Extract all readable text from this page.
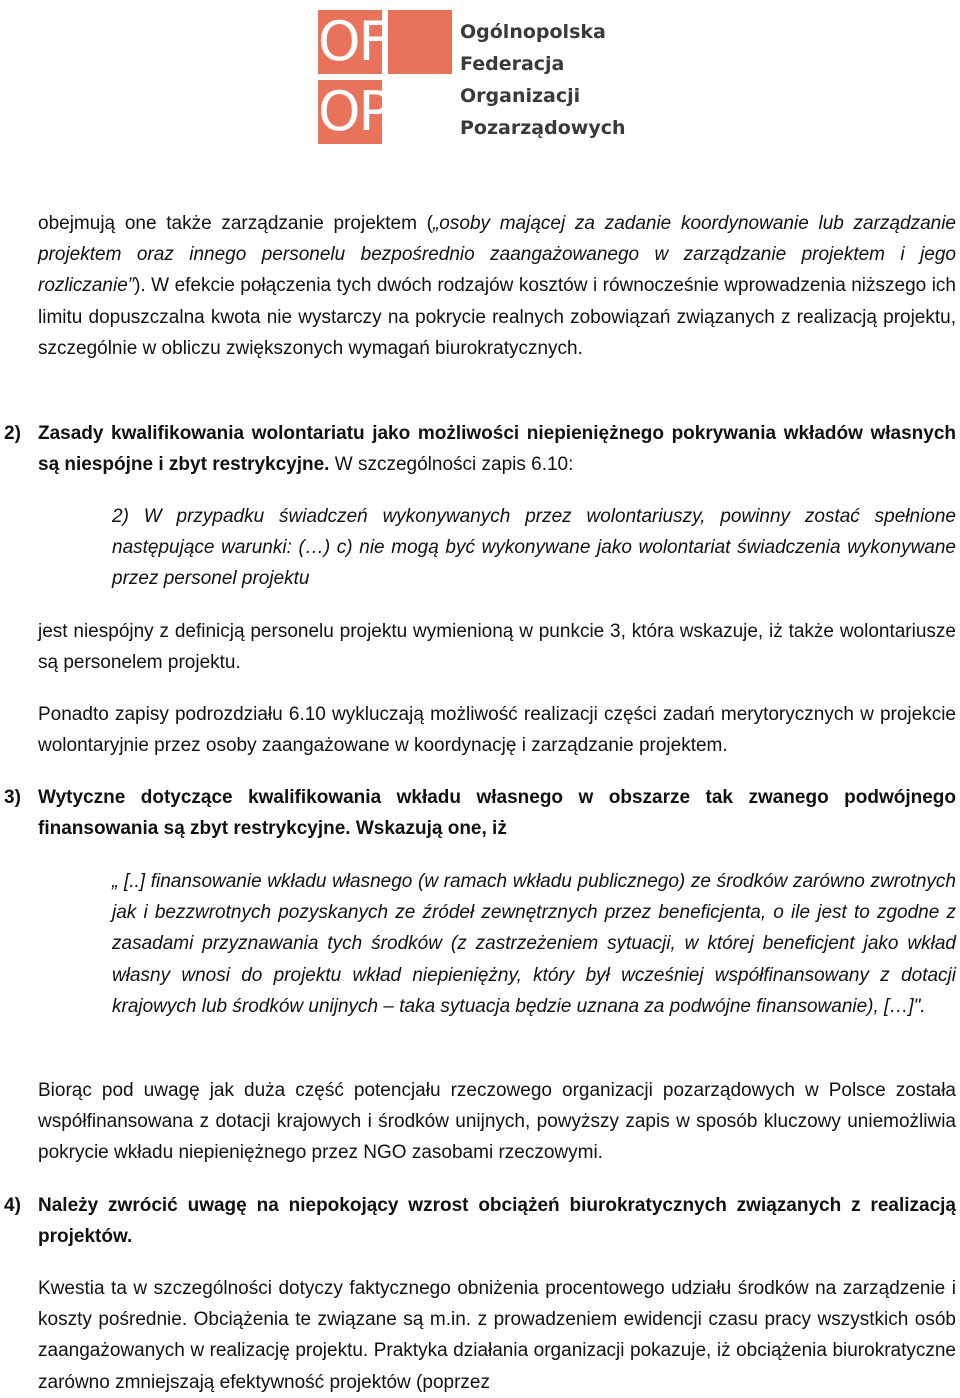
OF
OP
Ogólnopolska
Federacja
Organizacji
Pozarządowych

obejmują one także zarządzanie projektem („osoby mającej za zadanie koordynowanie lub zarządzanie projektem oraz innego personelu bezpośrednio zaangażowanego w zarządzanie projektem i jego rozliczanie”). W efekcie połączenia tych dwóch rodzajów kosztów i równocześnie wprowadzenia niższego ich limitu dopuszczalna kwota nie wystarczy na pokrycie realnych zobowiązań związanych z realizacją projektu, szczególnie w obliczu zwiększonych wymagań biurokratycznych.

2) Zasady kwalifikowania wolontariatu jako możliwości niepieniężnego pokrywania wkładów własnych są niespójne i zbyt restrykcyjne. W szczególności zapis 6.10:

2) W przypadku świadczeń wykonywanych przez wolontariuszy, powinny zostać spełnione następujące warunki: (…) c) nie mogą być wykonywane jako wolontariat świadczenia wykonywane przez personel projektu

jest niespójny z definicją personelu projektu wymienioną w punkcie 3, która wskazuje, iż także wolontariusze są personelem projektu.

Ponadto zapisy podrozdziału 6.10 wykluczają możliwość realizacji części zadań merytorycznych w projekcie wolontaryjnie przez osoby zaangażowane w koordynację i zarządzanie projektem.

3) Wytyczne dotyczące kwalifikowania wkładu własnego w obszarze tak zwanego podwójnego finansowania są zbyt restrykcyjne. Wskazują one, iż

„ [..] finansowanie wkładu własnego (w ramach wkładu publicznego) ze środków zarówno zwrotnych jak i bezzwrotnych pozyskanych ze źródeł zewnętrznych przez beneficjenta, o ile jest to zgodne z zasadami przyznawania tych środków (z zastrzeżeniem sytuacji, w której beneficjent jako wkład własny wnosi do projektu wkład niepieniężny, który był wcześniej współfinansowany z dotacji krajowych lub środków unijnych – taka sytuacja będzie uznana za podwójne finansowanie), […]".

Biorąc pod uwagę jak duża część potencjału rzeczowego organizacji pozarządowych w Polsce została współfinansowana z dotacji krajowych i środków unijnych, powyższy zapis w sposób kluczowy uniemożliwia pokrycie wkładu niepieniężnego przez NGO zasobami rzeczowymi.

4) Należy zwrócić uwagę na niepokojący wzrost obciążeń biurokratycznych związanych z realizacją projektów.

Kwestia ta w szczególności dotyczy faktycznego obniżenia procentowego udziału środków na zarządzenie i koszty pośrednie. Obciążenia te związane są m.in. z prowadzeniem ewidencji czasu pracy wszystkich osób zaangażowanych w realizację projektu. Praktyka działania organizacji pokazuje, iż obciążenia biurokratyczne zarówno zmniejszają efektywność projektów (poprzez
